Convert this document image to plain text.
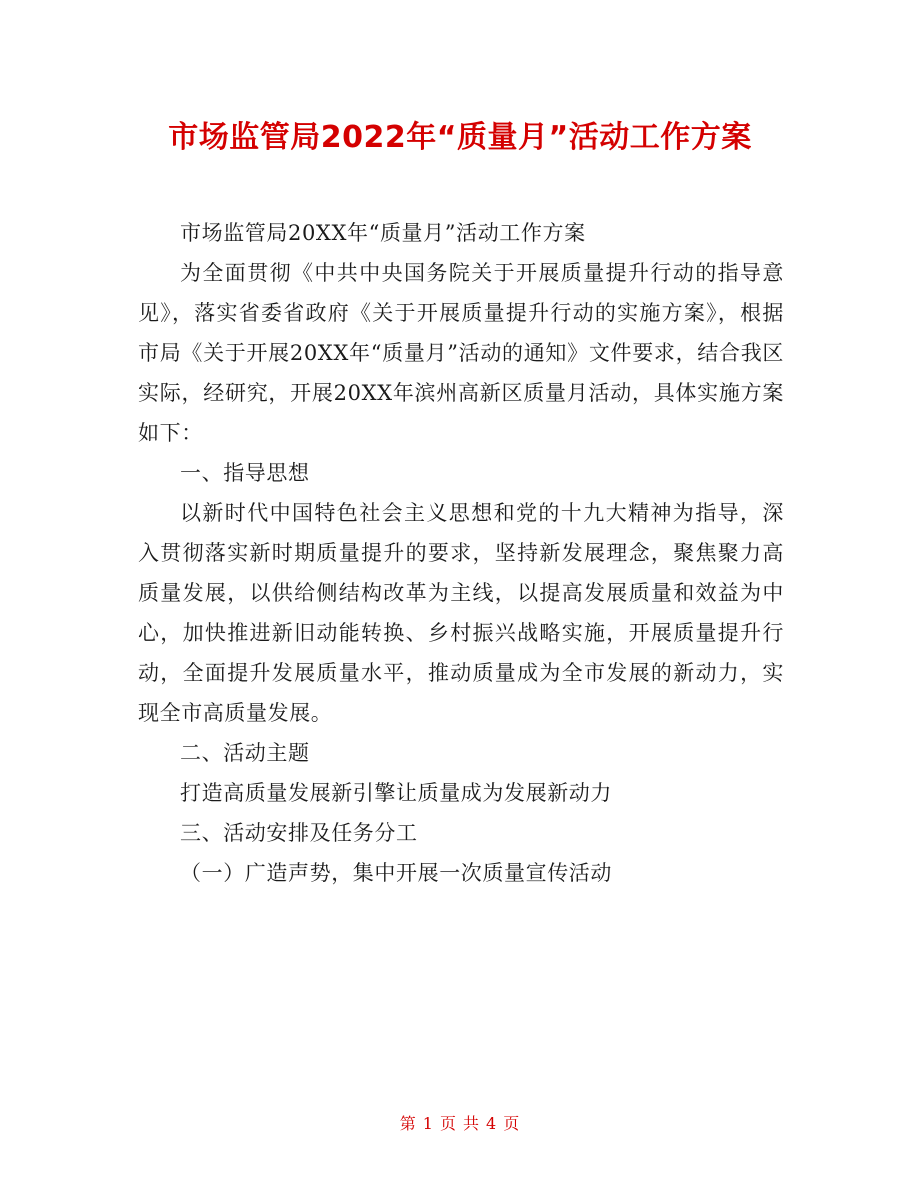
市场监管局2022年“质量月”活动工作方案

市场监管局20XX年“质量月”活动工作方案

为全面贯彻《中共中央国务院关于开展质量提升行动的指导意见》，落实省委省政府《关于开展质量提升行动的实施方案》，根据市局《关于开展20XX年“质量月”活动的通知》文件要求，结合我区实际，经研究，开展20XX年滨州高新区质量月活动，具体实施方案如下：

一、指导思想

以新时代中国特色社会主义思想和党的十九大精神为指导，深入贯彻落实新时期质量提升的要求，坚持新发展理念，聚焦聚力高质量发展，以供给侧结构改革为主线，以提高发展质量和效益为中心，加快推进新旧动能转换、乡村振兴战略实施，开展质量提升行动，全面提升发展质量水平，推动质量成为全市发展的新动力，实现全市高质量发展。

二、活动主题

打造高质量发展新引擎让质量成为发展新动力

三、活动安排及任务分工

（一）广造声势，集中开展一次质量宣传活动

第 1 页 共 4 页
